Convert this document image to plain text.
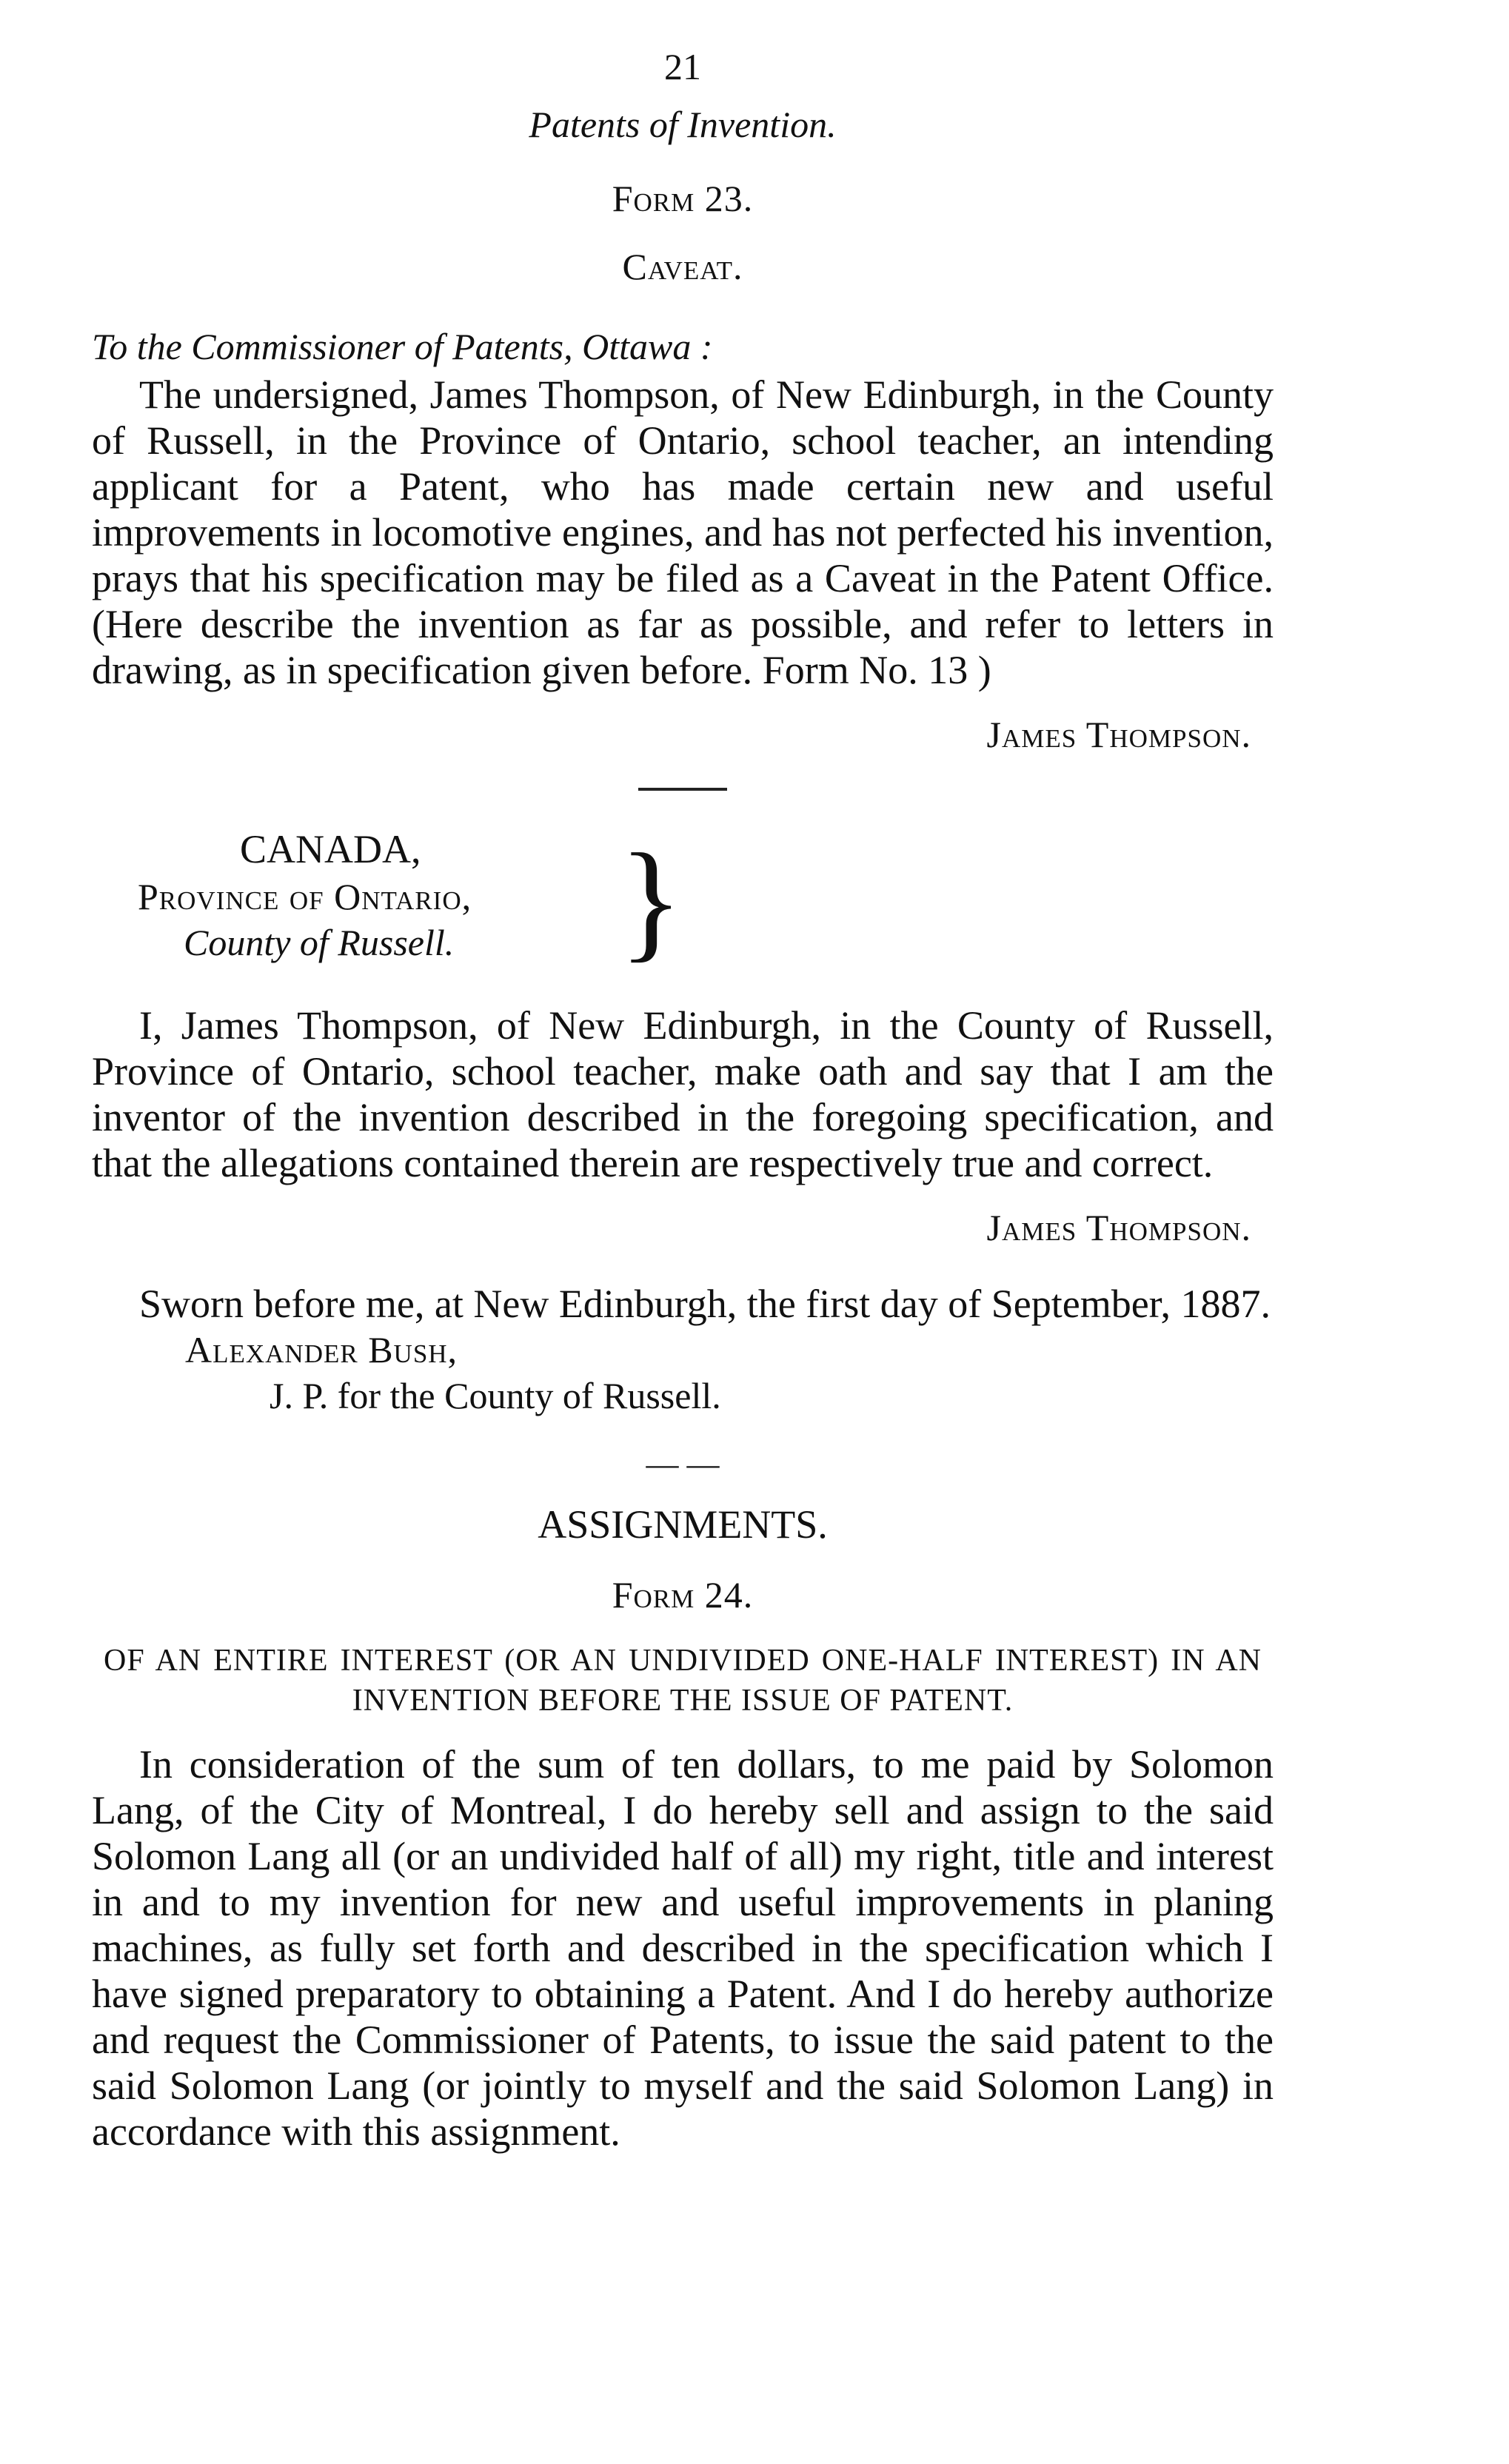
21
Patents of Invention.
Form 23.
Caveat.
To the Commissioner of Patents, Ottawa :

The undersigned, James Thompson, of New Edinburgh, in the County of Russell, in the Province of Ontario, school teacher, an intending applicant for a Patent, who has made certain new and useful improvements in locomotive engines, and has not perfected his invention, prays that his specification may be filed as a Caveat in the Patent Office. (Here describe the invention as far as possible, and refer to letters in drawing, as in specification given before. Form No. 13 )

James Thompson.
CANADA,
Province of Ontario,
County of Russell. }

I, James Thompson, of New Edinburgh, in the County of Russell, Province of Ontario, school teacher, make oath and say that I am the inventor of the invention described in the foregoing specification, and that the allegations contained therein are respectively true and correct.

James Thompson.

Sworn before me, at New Edinburgh, the first day of September, 1887.

Alexander Bush,
J. P. for the County of Russell.
— —
ASSIGNMENTS.
Form 24.
OF AN ENTIRE INTEREST (OR AN UNDIVIDED ONE-HALF INTEREST) IN AN INVENTION BEFORE THE ISSUE OF PATENT.

In consideration of the sum of ten dollars, to me paid by Solomon Lang, of the City of Montreal, I do hereby sell and assign to the said Solomon Lang all (or an undivided half of all) my right, title and interest in and to my invention for new and useful improvements in planing machines, as fully set forth and described in the specification which I have signed preparatory to obtaining a Patent. And I do hereby authorize and request the Commissioner of Patents, to issue the said patent to the said Solomon Lang (or jointly to myself and the said Solomon Lang) in accordance with this assignment.
